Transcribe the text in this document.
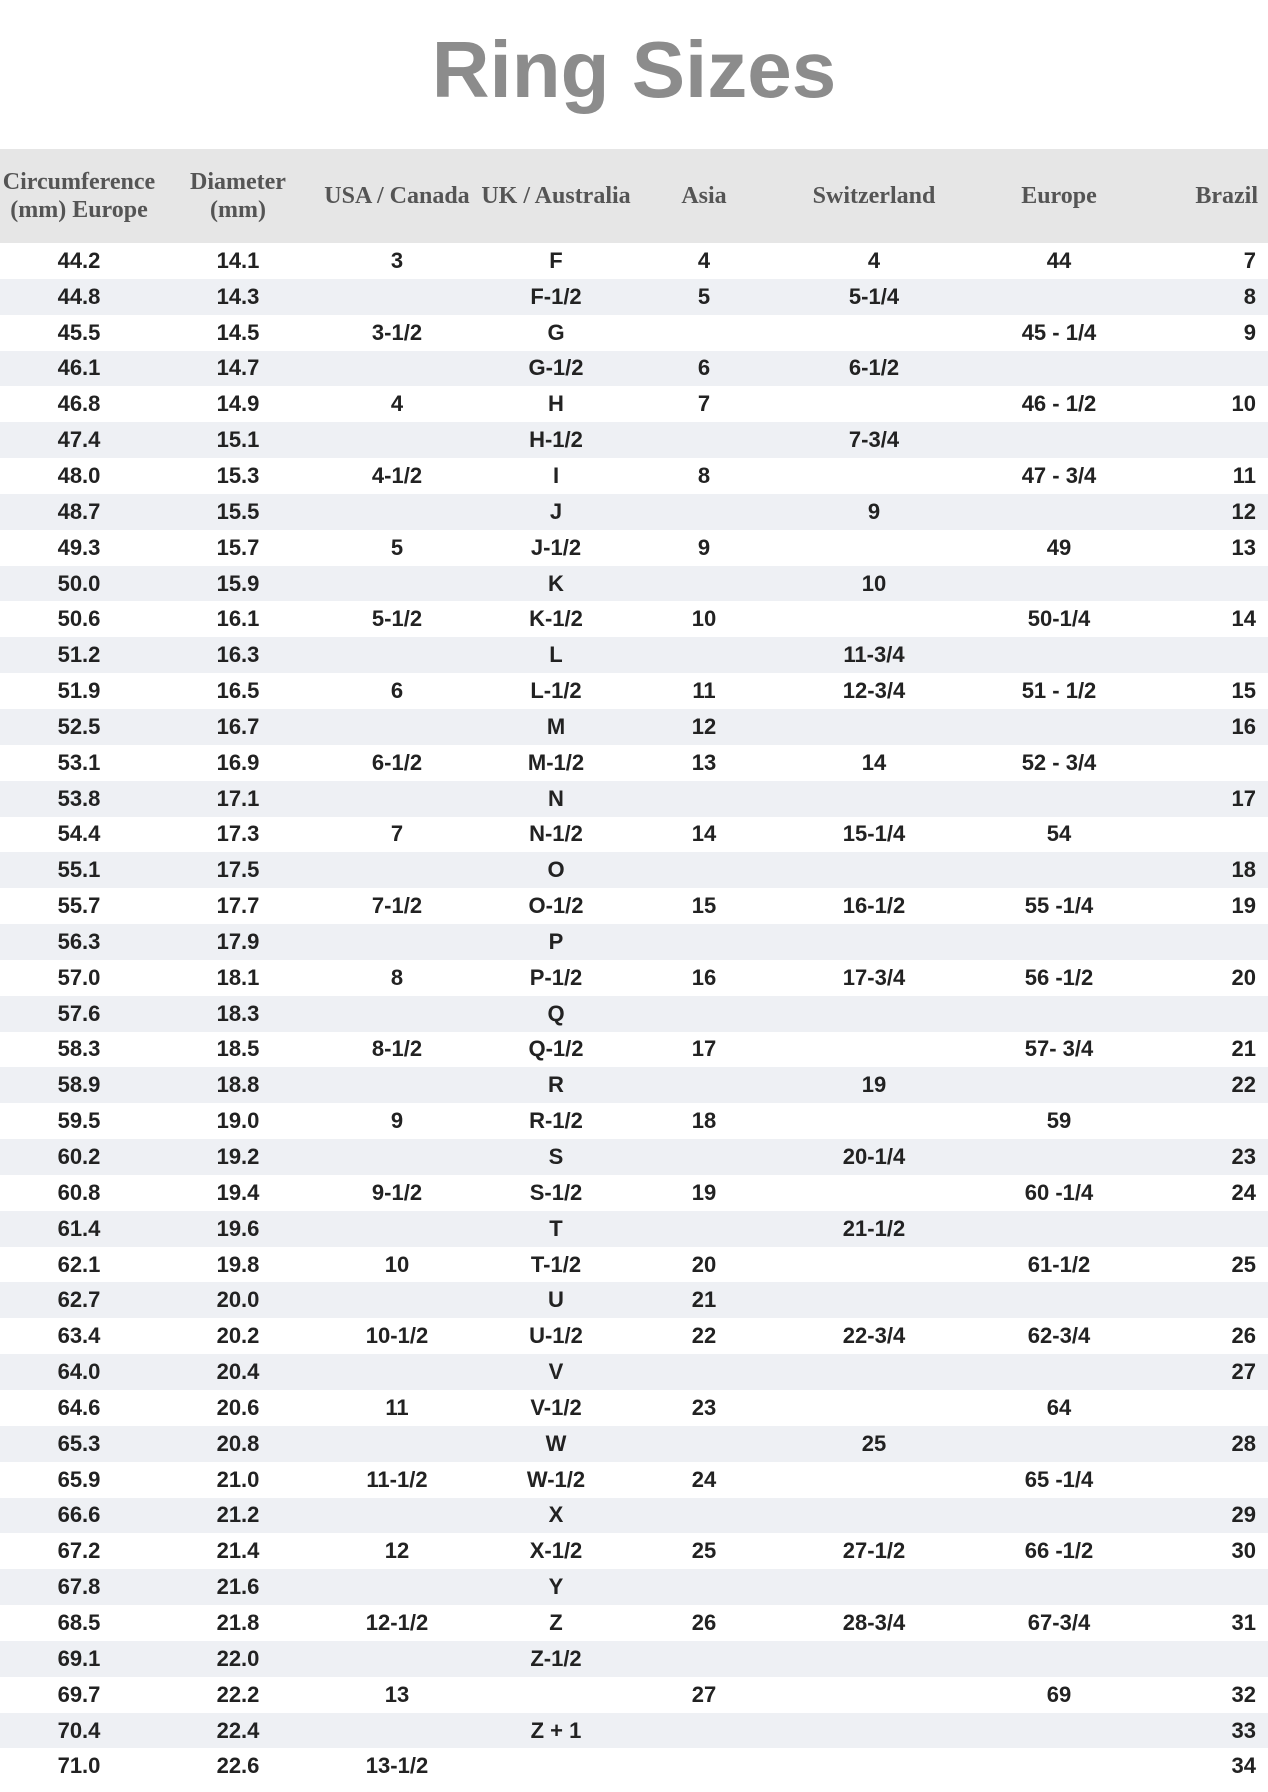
Ring Sizes
Circumference (mm) Europe	Diameter (mm)	USA / Canada	UK / Australia	Asia	Switzerland	Europe	Brazil
44.2	14.1	3	F	4	4	44	7
44.8	14.3		F-1/2	5	5-1/4		8
45.5	14.5	3-1/2	G			45 - 1/4	9
46.1	14.7		G-1/2	6	6-1/2		
46.8	14.9	4	H	7		46 - 1/2	10
47.4	15.1		H-1/2		7-3/4		
48.0	15.3	4-1/2	I	8		47 - 3/4	11
48.7	15.5		J		9		12
49.3	15.7	5	J-1/2	9		49	13
50.0	15.9		K		10		
50.6	16.1	5-1/2	K-1/2	10		50-1/4	14
51.2	16.3		L		11-3/4		
51.9	16.5	6	L-1/2	11	12-3/4	51 - 1/2	15
52.5	16.7		M	12			16
53.1	16.9	6-1/2	M-1/2	13	14	52 - 3/4	
53.8	17.1		N				17
54.4	17.3	7	N-1/2	14	15-1/4	54	
55.1	17.5		O				18
55.7	17.7	7-1/2	O-1/2	15	16-1/2	55 -1/4	19
56.3	17.9		P				
57.0	18.1	8	P-1/2	16	17-3/4	56 -1/2	20
57.6	18.3		Q				
58.3	18.5	8-1/2	Q-1/2	17		57- 3/4	21
58.9	18.8		R		19		22
59.5	19.0	9	R-1/2	18		59	
60.2	19.2		S		20-1/4		23
60.8	19.4	9-1/2	S-1/2	19		60 -1/4	24
61.4	19.6		T		21-1/2		
62.1	19.8	10	T-1/2	20		61-1/2	25
62.7	20.0		U	21			
63.4	20.2	10-1/2	U-1/2	22	22-3/4	62-3/4	26
64.0	20.4		V				27
64.6	20.6	11	V-1/2	23		64	
65.3	20.8		W		25		28
65.9	21.0	11-1/2	W-1/2	24		65 -1/4	
66.6	21.2		X				29
67.2	21.4	12	X-1/2	25	27-1/2	66 -1/2	30
67.8	21.6		Y				
68.5	21.8	12-1/2	Z	26	28-3/4	67-3/4	31
69.1	22.0		Z-1/2				
69.7	22.2	13		27		69	32
70.4	22.4		Z + 1				33
71.0	22.6	13-1/2					34
